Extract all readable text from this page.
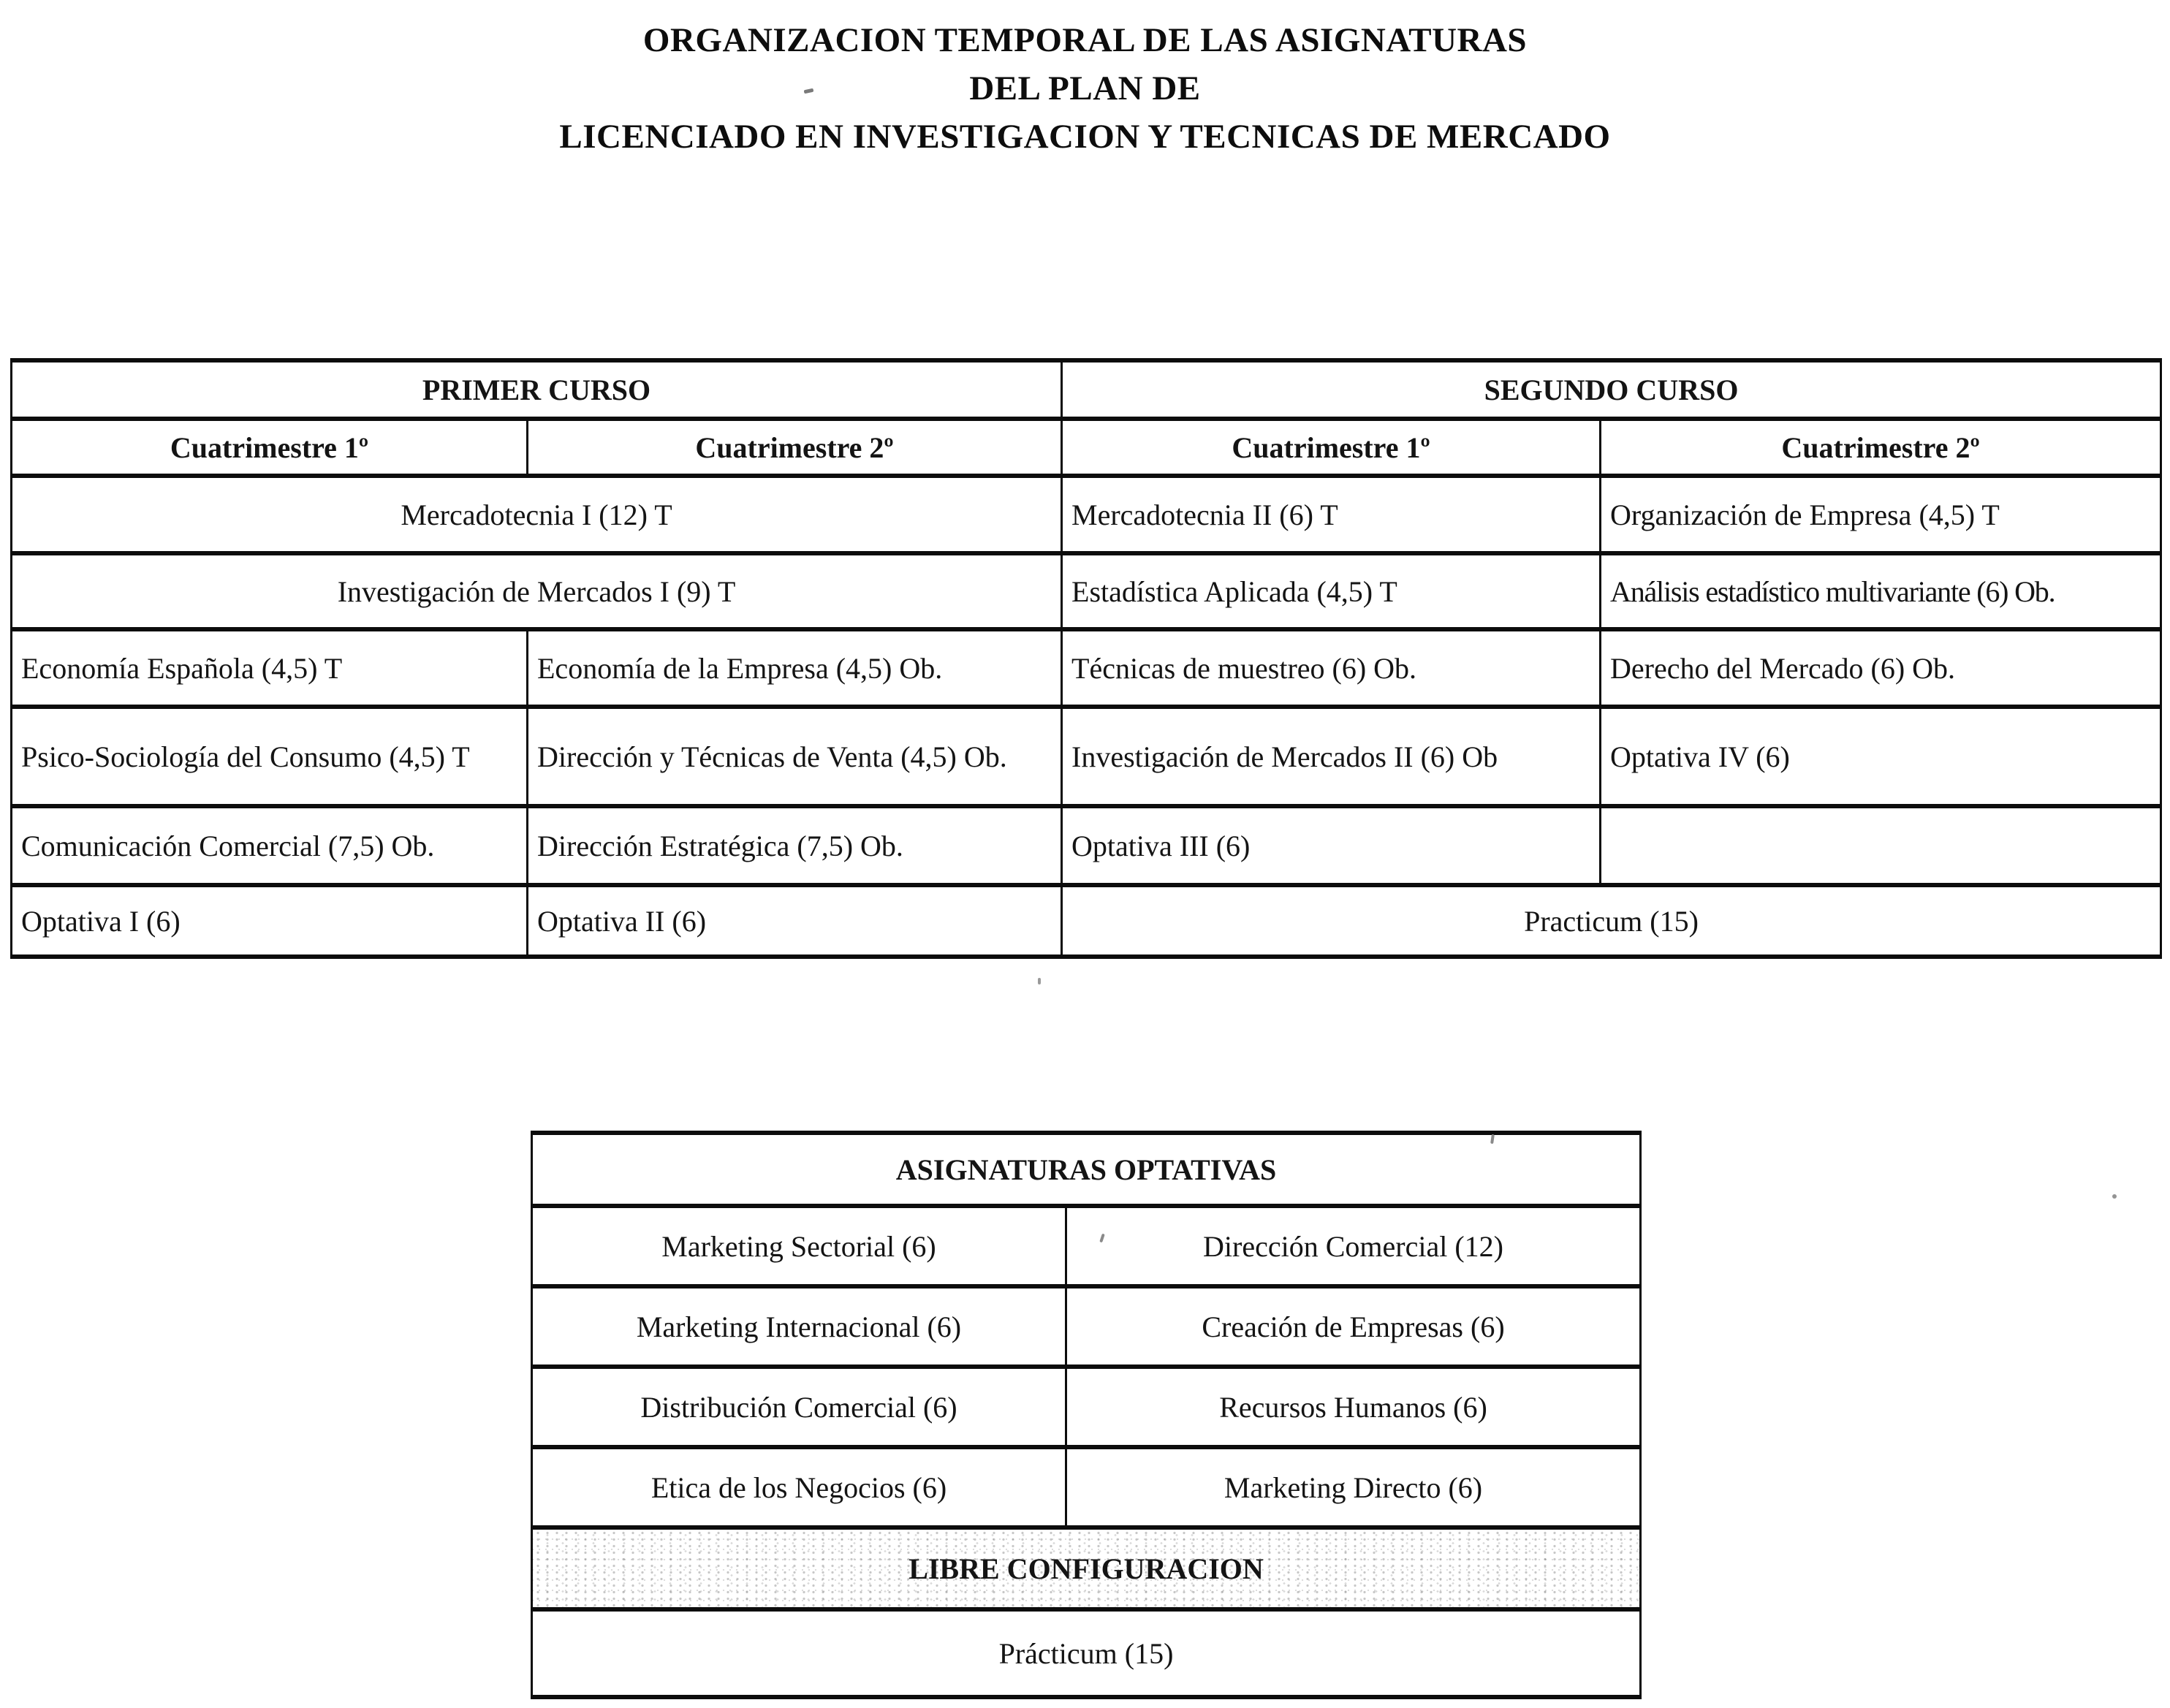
ORGANIZACION TEMPORAL DE LAS ASIGNATURAS
DEL PLAN DE
LICENCIADO EN INVESTIGACION Y TECNICAS DE MERCADO
PRIMER CURSO		SEGUNDO CURSO	
Cuatrimestre 1º	Cuatrimestre 2º	Cuatrimestre 1º	Cuatrimestre 2º
Mercadotecnia I (12) T		Mercadotecnia II (6) T	Organización de Empresa (4,5) T
Investigación de Mercados I (9) T		Estadística Aplicada (4,5) T	Análisis estadístico multivariante (6) Ob.
Economía Española (4,5) T	Economía de la Empresa (4,5) Ob.	Técnicas de muestreo (6) Ob.	Derecho del Mercado (6) Ob.
Psico-Sociología del Consumo (4,5) T	Dirección y Técnicas de Venta (4,5) Ob.	Investigación de Mercados II (6) Ob	Optativa IV (6)
Comunicación Comercial (7,5) Ob.	Dirección Estratégica (7,5) Ob.	Optativa III (6)	
Optativa I (6)	Optativa II (6)	Practicum (15)	
ASIGNATURAS OPTATIVAS	
Marketing Sectorial (6)	Dirección Comercial (12)
Marketing Internacional (6)	Creación de Empresas (6)
Distribución Comercial (6)	Recursos Humanos (6)
Etica de los Negocios (6)	Marketing Directo (6)
LIBRE CONFIGURACION	
Prácticum (15)	
